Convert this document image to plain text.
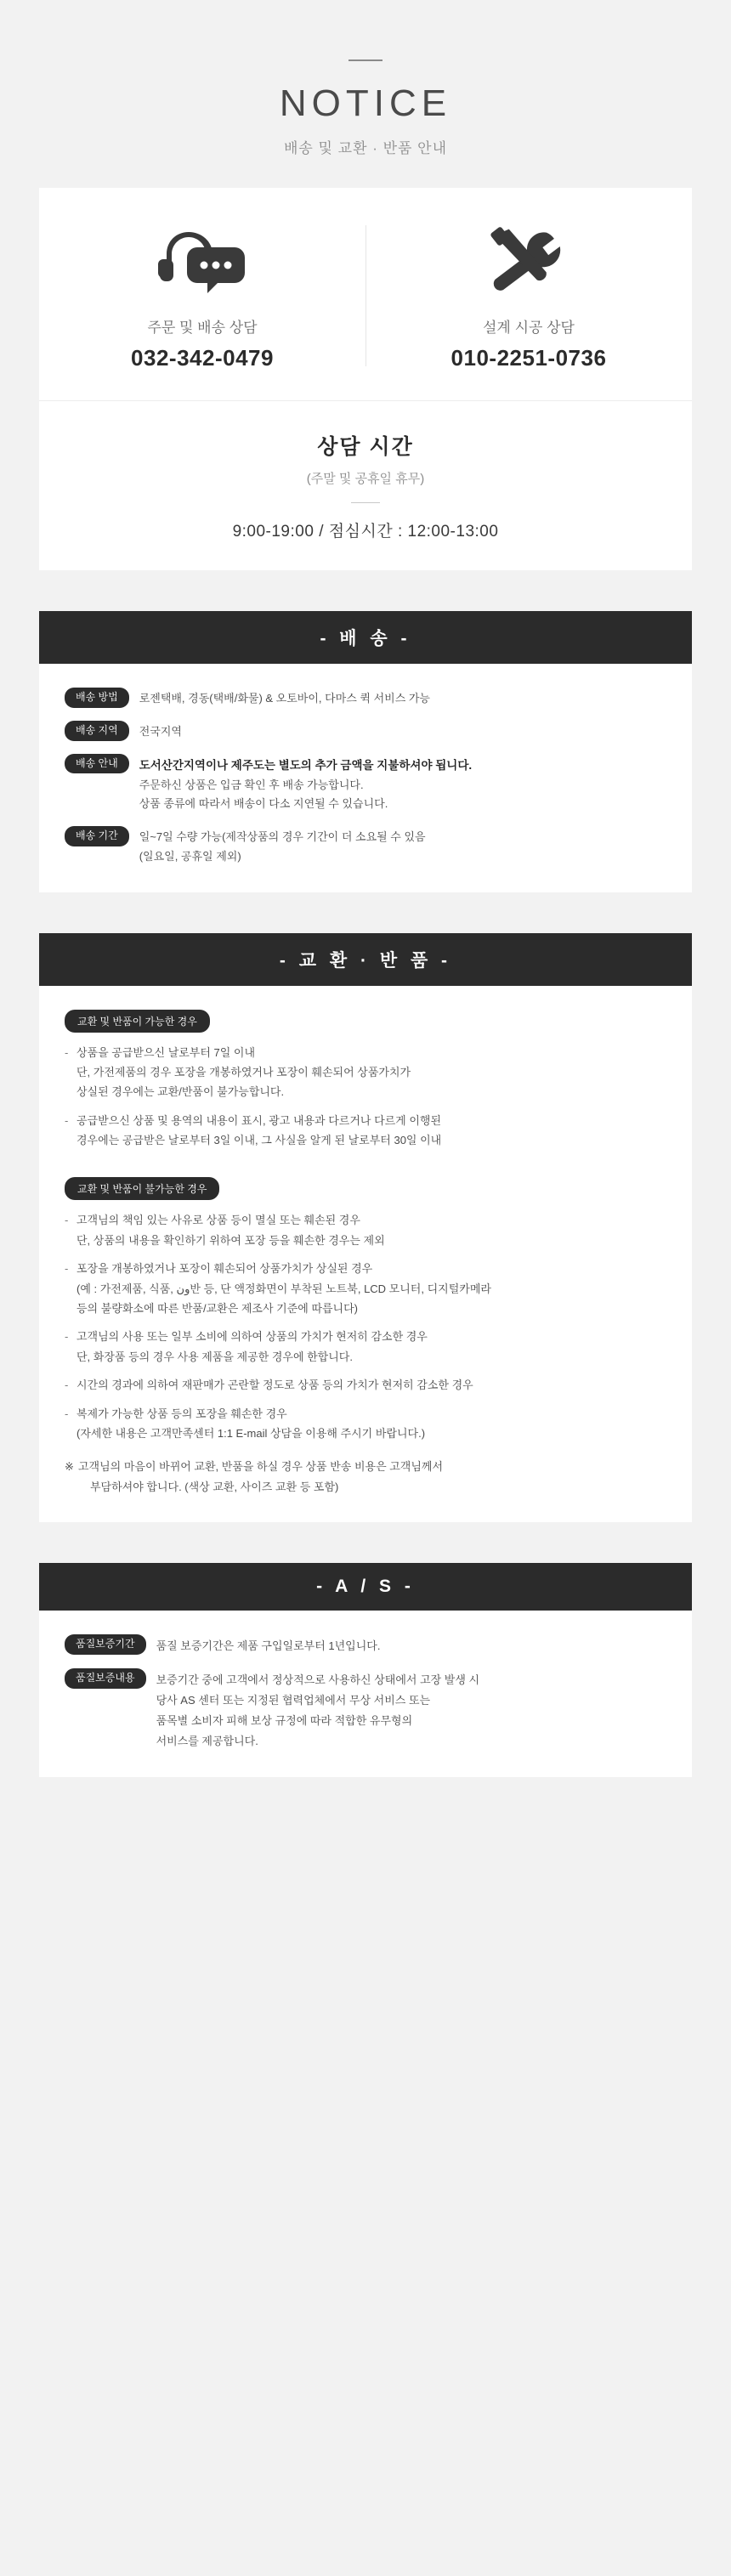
NOTICE
배송 및 교환 · 반품 안내
주문 및 배송 상담
032-342-0479
설계 시공 상담
010-2251-0736
상담 시간
(주말 및 공휴일 휴무)
9:00-19:00 / 점심시간 : 12:00-13:00
- 배 송 -
배송 방법	로젠택배, 경동(택배/화물) & 오토바이, 다마스 퀵 서비스 가능
배송 지역	전국지역
배송 안내	도서산간지역이나 제주도는 별도의 추가 금액을 지불하셔야 됩니다.
주문하신 상품은 입금 확인 후 배송 가능합니다.
상품 종류에 따라서 배송이 다소 지연될 수 있습니다.
배송 기간	일~7일 수량 가능(제작상품의 경우 기간이 더 소요될 수 있음
(일요일, 공휴일 제외)
- 교 환 · 반 품 -
교환 및 반품이 가능한 경우
- 상품을 공급받으신 날로부터 7일 이내
단, 가전제품의 경우 포장을 개봉하였거나 포장이 훼손되어 상품가치가
상실된 경우에는 교환/반품이 불가능합니다.
- 공급받으신 상품 및 용역의 내용이 표시, 광고 내용과 다르거나 다르게 이행된
경우에는 공급받은 날로부터 3일 이내, 그 사실을 알게 된 날로부터 30일 이내
교환 및 반품이 불가능한 경우
- 고객님의 책임 있는 사유로 상품 등이 멸실 또는 훼손된 경우
단, 상품의 내용을 확인하기 위하여 포장 등을 훼손한 경우는 제외
- 포장을 개봉하였거나 포장이 훼손되어 상품가치가 상실된 경우
(예 : 가전제품, 식품, ون반 등, 단 액정화면이 부착된 노트북, LCD 모니터, 디지털카메라
등의 불량화소에 따른 반품/교환은 제조사 기준에 따릅니다)
- 고객님의 사용 또는 일부 소비에 의하여 상품의 가치가 현저히 감소한 경우
단, 화장품 등의 경우 사용 제품을 제공한 경우에 한합니다.
- 시간의 경과에 의하여 재판매가 곤란할 정도로 상품 등의 가치가 현저히 감소한 경우
- 복제가 가능한 상품 등의 포장을 훼손한 경우
(자세한 내용은 고객만족센터 1:1 E-mail 상담을 이용해 주시기 바랍니다.)
※ 고객님의 마음이 바뀌어 교환, 반품을 하실 경우 상품 반송 비용은 고객님께서
부담하셔야 합니다. (색상 교환, 사이즈 교환 등 포함)
- A / S -
품질보증기간	품질 보증기간은 제품 구입일로부터 1년입니다.
품질보증내용	보증기간 중에 고객에서 정상적으로 사용하신 상태에서 고장 발생 시
당사 AS 센터 또는 지정된 협력업체에서 무상 서비스 또는
품목별 소비자 피해 보상 규정에 따라 적합한 유무형의
서비스를 제공합니다.
